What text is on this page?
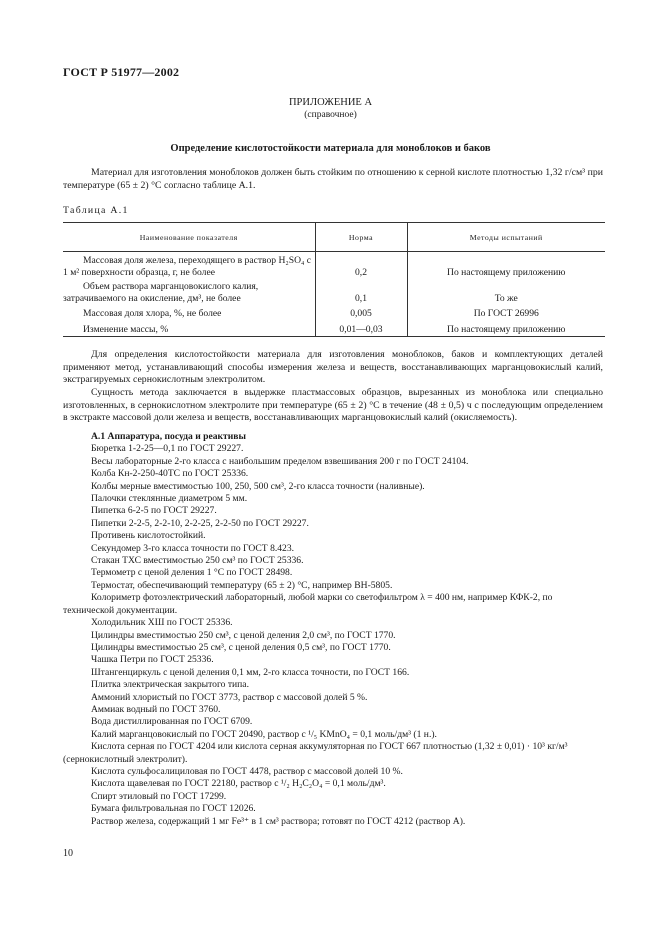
ГОСТ Р 51977—2002
ПРИЛОЖЕНИЕ А
(справочное)
Определение кислотостойкости материала для моноблоков и баков
Материал для изготовления моноблоков должен быть стойким по отношению к серной кислоте плотностью 1,32 г/см³ при температуре (65 ± 2) °С согласно таблице А.1.
Таблица А.1
Наименование показателя	Норма	Методы испытаний
Массовая доля железа, переходящего в раствор H₂SO₄ с 1 м² поверхности образца, г, не более	0,2	По настоящему приложению
Объем раствора марганцовокислого калия, затрачиваемого на окисление, дм³, не более	0,1	То же
Массовая доля хлора, %, не более	0,005	По ГОСТ 26996
Изменение массы, %	0,01—0,03	По настоящему приложению
Для определения кислотостойкости материала для изготовления моноблоков, баков и комплектующих деталей применяют метод, устанавливающий способы измерения железа и веществ, восстанавливающих марганцовокислый калий, экстрагируемых сернокислотным электролитом.
Сущность метода заключается в выдержке пластмассовых образцов, вырезанных из моноблока или специально изготовленных, в сернокислотном электролите при температуре (65 ± 2) °С в течение (48 ± 0,5) ч с последующим определением в экстракте массовой доли железа и веществ, восстанавливающих марганцовокислый калий (окисляемость).

А.1 Аппаратура, посуда и реактивы

Бюретка 1-2-25—0,1 по ГОСТ 29227.

Весы лабораторные 2-го класса с наибольшим пределом взвешивания 200 г по ГОСТ 24104.

Колба Кн-2-250-40ТС по ГОСТ 25336.

Колбы мерные вместимостью 100, 250, 500 см³, 2-го класса точности (наливные).

Палочки стеклянные диаметром 5 мм.

Пипетка 6-2-5 по ГОСТ 29227.

Пипетки 2-2-5, 2-2-10, 2-2-25, 2-2-50 по ГОСТ 29227.

Противень кислотостойкий.

Секундомер 3-го класса точности по ГОСТ 8.423.

Стакан ТХС вместимостью 250 см³ по ГОСТ 25336.

Термометр с ценой деления 1 °С по ГОСТ 28498.

Термостат, обеспечивающий температуру (65 ± 2) °С, например ВН-5805.

Колориметр фотоэлектрический лабораторный, любой марки со светофильтром λ = 400 нм, например КФК-2, по технической документации.

Холодильник ХШ по ГОСТ 25336.

Цилиндры вместимостью 250 см³, с ценой деления 2,0 см³, по ГОСТ 1770.

Цилиндры вместимостью 25 см³, с ценой деления 0,5 см³, по ГОСТ 1770.

Чашка Петри по ГОСТ 25336.

Штангенциркуль с ценой деления 0,1 мм, 2-го класса точности, по ГОСТ 166.

Плитка электрическая закрытого типа.

Аммоний хлористый по ГОСТ 3773, раствор с массовой долей 5 %.

Аммиак водный по ГОСТ 3760.

Вода дистиллированная по ГОСТ 6709.

Калий марганцовокислый по ГОСТ 20490, раствор c ¹/₅ KMnO₄ = 0,1 моль/дм³ (1 н.).

Кислота серная по ГОСТ 4204 или кислота серная аккумуляторная по ГОСТ 667 плотностью (1,32 ± 0,01) · 10³ кг/м³ (сернокислотный электролит).

Кислота сульфосалициловая по ГОСТ 4478, раствор с массовой долей 10 %.

Кислота щавелевая по ГОСТ 22180, раствор c ¹/₂ H₂C₂O₄ = 0,1 моль/дм³.

Спирт этиловый по ГОСТ 17299.

Бумага фильтровальная по ГОСТ 12026.

Раствор железа, содержащий 1 мг Fe³⁺ в 1 см³ раствора; готовят по ГОСТ 4212 (раствор А).

10
